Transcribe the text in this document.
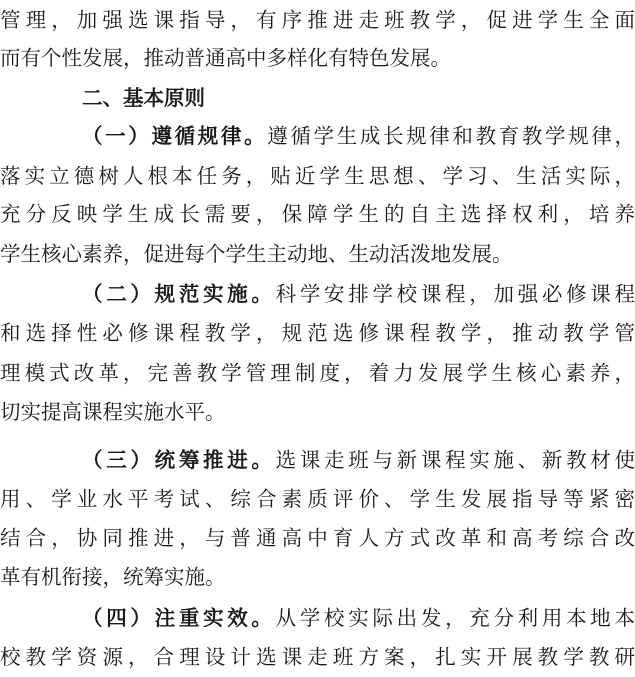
管理，加强选课指导，有序推进走班教学，促进学生全面
而有个性发展，推动普通高中多样化有特色发展。
二、基本原则
（一）遵循规律。遵循学生成长规律和教育教学规律，
落实立德树人根本任务，贴近学生思想、学习、生活实际，
充分反映学生成长需要，保障学生的自主选择权利，培养
学生核心素养，促进每个学生主动地、生动活泼地发展。
（二）规范实施。科学安排学校课程，加强必修课程
和选择性必修课程教学，规范选修课程教学，推动教学管
理模式改革，完善教学管理制度，着力发展学生核心素养，
切实提高课程实施水平。
（三）统筹推进。选课走班与新课程实施、新教材使
用、学业水平考试、综合素质评价、学生发展指导等紧密
结合，协同推进，与普通高中育人方式改革和高考综合改
革有机衔接，统筹实施。
（四）注重实效。从学校实际出发，充分利用本地本
校教学资源，合理设计选课走班方案，扎实开展教学教研
